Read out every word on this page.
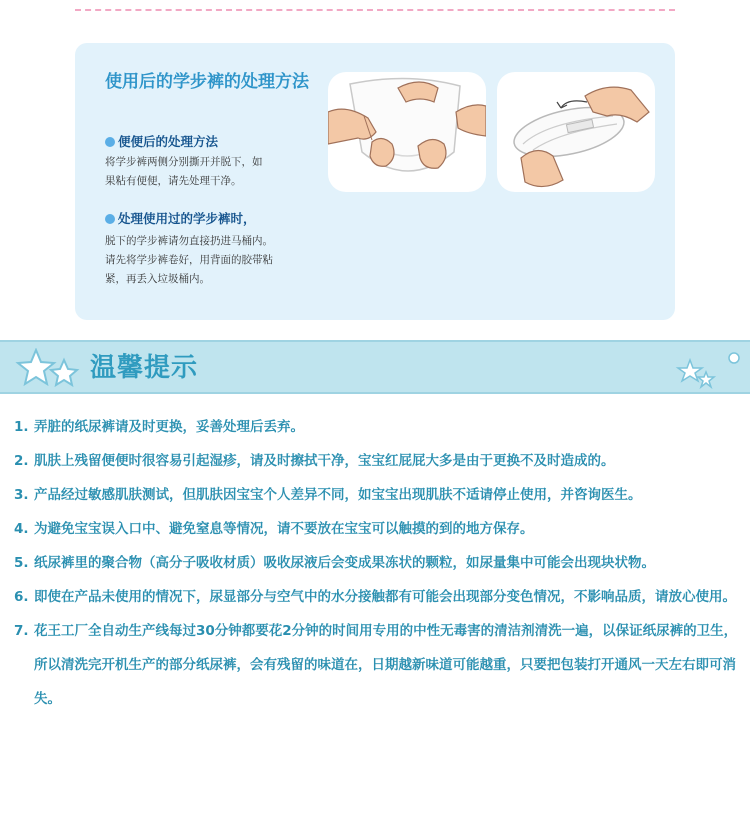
使用后的学步裤的处理方法
便便后的处理方法
将学步裤两侧分别撕开并脱下，如
果粘有便便，请先处理干净。
处理使用过的学步裤时，
脱下的学步裤请勿直接扔进马桶内。
请先将学步裤卷好，用背面的胶带粘
紧，再丢入垃圾桶内。
温馨提示
1. 弄脏的纸尿裤请及时更换，妥善处理后丢弃。
2. 肌肤上残留便便时很容易引起湿疹，请及时擦拭干净，宝宝红屁屁大多是由于更换不及时造成的。
3. 产品经过敏感肌肤测试，但肌肤因宝宝个人差异不同，如宝宝出现肌肤不适请停止使用，并咨询医生。
4. 为避免宝宝误入口中、避免窒息等情况，请不要放在宝宝可以触摸的到的地方保存。
5. 纸尿裤里的聚合物（高分子吸收材质）吸收尿液后会变成果冻状的颗粒，如尿量集中可能会出现块状物。
6. 即使在产品未使用的情况下，尿显部分与空气中的水分接触都有可能会出现部分变色情况，不影响品质，请放心使用。
7. 花王工厂全自动生产线每过30分钟都要花2分钟的时间用专用的中性无毒害的清洁剂清洗一遍，以保证纸尿裤的卫生，所以清洗完开机生产的部分纸尿裤，会有残留的味道在，日期越新味道可能越重，只要把包装打开通风一天左右即可消失。
